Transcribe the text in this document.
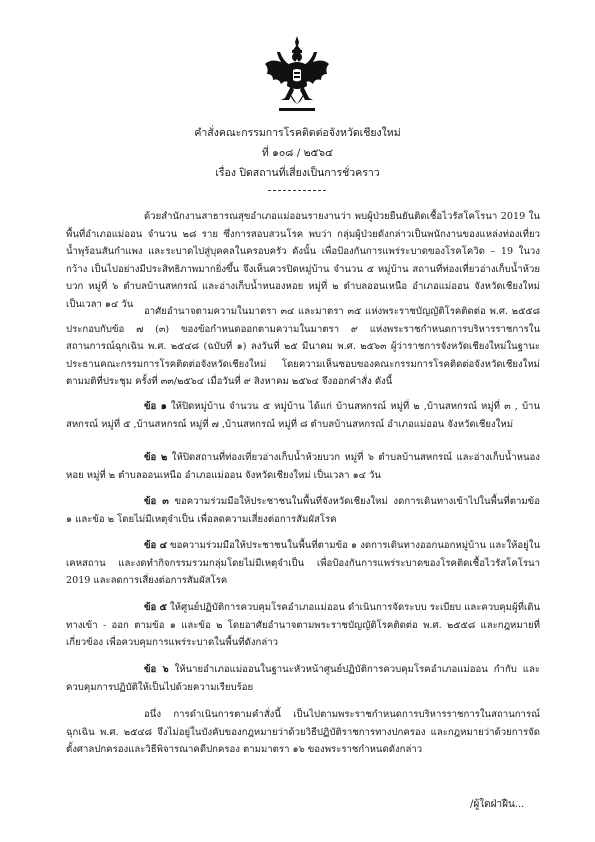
คำสั่งคณะกรรมการโรคติดต่อจังหวัดเชียงใหม่
ที่ ๑๐๘ / ๒๕๖๔
เรื่อง ปิดสถานที่เสี่ยงเป็นการชั่วคราว
ด้วยสำนักงานสาธารณสุขอำเภอแม่ออนรายงานว่า พบผู้ป่วยยืนยันติดเชื้อไวรัสโคโรนา 2019 ในพื้นที่อำเภอแม่ออน จำนวน ๒๘ ราย ซึ่งการสอบสวนโรค พบว่า กลุ่มผู้ป่วยดังกล่าวเป็นพนักงานของแหล่งท่องเที่ยวน้ำพุร้อนสันกำแพง และระบาดไปสู่บุคคลในครอบครัว ดังนั้น เพื่อป้องกันการแพร่ระบาดของโรคโควิด – 19 ในวงกว้าง เป็นไปอย่างมีประสิทธิภาพมากยิ่งขึ้น จึงเห็นควรปิดหมู่บ้าน จำนวน ๕ หมู่บ้าน สถานที่ท่องเที่ยวอ่างเก็บน้ำห้วยบวก หมู่ที่ ๖ ตำบลบ้านสหกรณ์ และอ่างเก็บน้ำหนองหอย หมู่ที่ ๒ ตำบลออนเหนือ อำเภอแม่ออน จังหวัดเชียงใหม่ เป็นเวลา ๑๔ วัน
อาศัยอำนาจตามความในมาตรา ๓๔ และมาตรา ๓๕ แห่งพระราชบัญญัติโรคติดต่อ พ.ศ. ๒๕๕๘ ประกอบกับข้อ ๗ (๓) ของข้อกำหนดออกตามความในมาตรา ๙ แห่งพระราชกำหนดการบริหารราชการในสถานการณ์ฉุกเฉิน พ.ศ. ๒๕๔๘ (ฉบับที่ ๑) ลงวันที่ ๒๕ มีนาคม พ.ศ. ๒๕๖๓ ผู้ว่าราชการจังหวัดเชียงใหม่ในฐานะประธานคณะกรรมการโรคติดต่อจังหวัดเชียงใหม่ โดยความเห็นชอบของคณะกรรมการโรคติดต่อจังหวัดเชียงใหม่ตามมติที่ประชุม ครั้งที่ ๓๓/๒๕๖๔ เมื่อวันที่ ๙ สิงหาคม ๒๕๖๔ จึงออกคำสั่ง ดังนี้
ข้อ ๑ ให้ปิดหมู่บ้าน จำนวน ๕ หมู่บ้าน ได้แก่ บ้านสหกรณ์ หมู่ที่ ๒ ,บ้านสหกรณ์ หมู่ที่ ๓ , บ้านสหกรณ์ หมู่ที่ ๕ ,บ้านสหกรณ์ หมู่ที่ ๗ ,บ้านสหกรณ์ หมู่ที่ ๘ ตำบลบ้านสหกรณ์ อำเภอแม่ออน จังหวัดเชียงใหม่
ข้อ ๒ ให้ปิดสถานที่ท่องเที่ยวอ่างเก็บน้ำห้วยบวก หมู่ที่ ๖ ตำบลบ้านสหกรณ์ และอ่างเก็บน้ำหนองหอย หมู่ที่ ๒ ตำบลออนเหนือ อำเภอแม่ออน จังหวัดเชียงใหม่ เป็นเวลา ๑๔ วัน
ข้อ ๓ ขอความร่วมมือให้ประชาชนในพื้นที่จังหวัดเชียงใหม่ งดการเดินทางเข้าไปในพื้นที่ตามข้อ ๑ และข้อ ๒ โดยไม่มีเหตุจำเป็น เพื่อลดความเสี่ยงต่อการสัมผัสโรค
ข้อ ๔ ขอความร่วมมือให้ประชาชนในพื้นที่ตามข้อ ๑ งดการเดินทางออกนอกหมู่บ้าน และให้อยู่ในเคหสถาน และงดทำกิจกรรมรวมกลุ่มโดยไม่มีเหตุจำเป็น เพื่อป้องกันการแพร่ระบาดของโรคติดเชื้อไวรัสโคโรนา 2019 และลดการเสี่ยงต่อการสัมผัสโรค
ข้อ ๕ ให้ศูนย์ปฏิบัติการควบคุมโรคอำเภอแม่ออน ดำเนินการจัดระบบ ระเบียบ และควบคุมผู้ที่เดินทางเข้า - ออก ตามข้อ ๑ และข้อ ๒ โดยอาศัยอำนาจตามพระราชบัญญัติโรคติดต่อ พ.ศ. ๒๕๕๘ และกฎหมายที่เกี่ยวข้อง เพื่อควบคุมการแพร่ระบาดในพื้นที่ดังกล่าว
ข้อ ๖ ให้นายอำเภอแม่ออนในฐานะหัวหน้าศูนย์ปฏิบัติการควบคุมโรคอำเภอแม่ออน กำกับ และควบคุมการปฏิบัติให้เป็นไปด้วยความเรียบร้อย
อนึ่ง การดำเนินการตามคำสั่งนี้ เป็นไปตามพระราชกำหนดการบริหารราชการในสถานการณ์ฉุกเฉิน พ.ศ. ๒๕๔๘ จึงไม่อยู่ในบังคับของกฎหมายว่าด้วยวิธีปฏิบัติราชการทางปกครอง และกฎหมายว่าด้วยการจัดตั้งศาลปกครองและวิธีพิจารณาคดีปกครอง ตามมาตรา ๑๖ ของพระราชกำหนดดังกล่าว
/ผู้ใดฝ่าฝืน...
